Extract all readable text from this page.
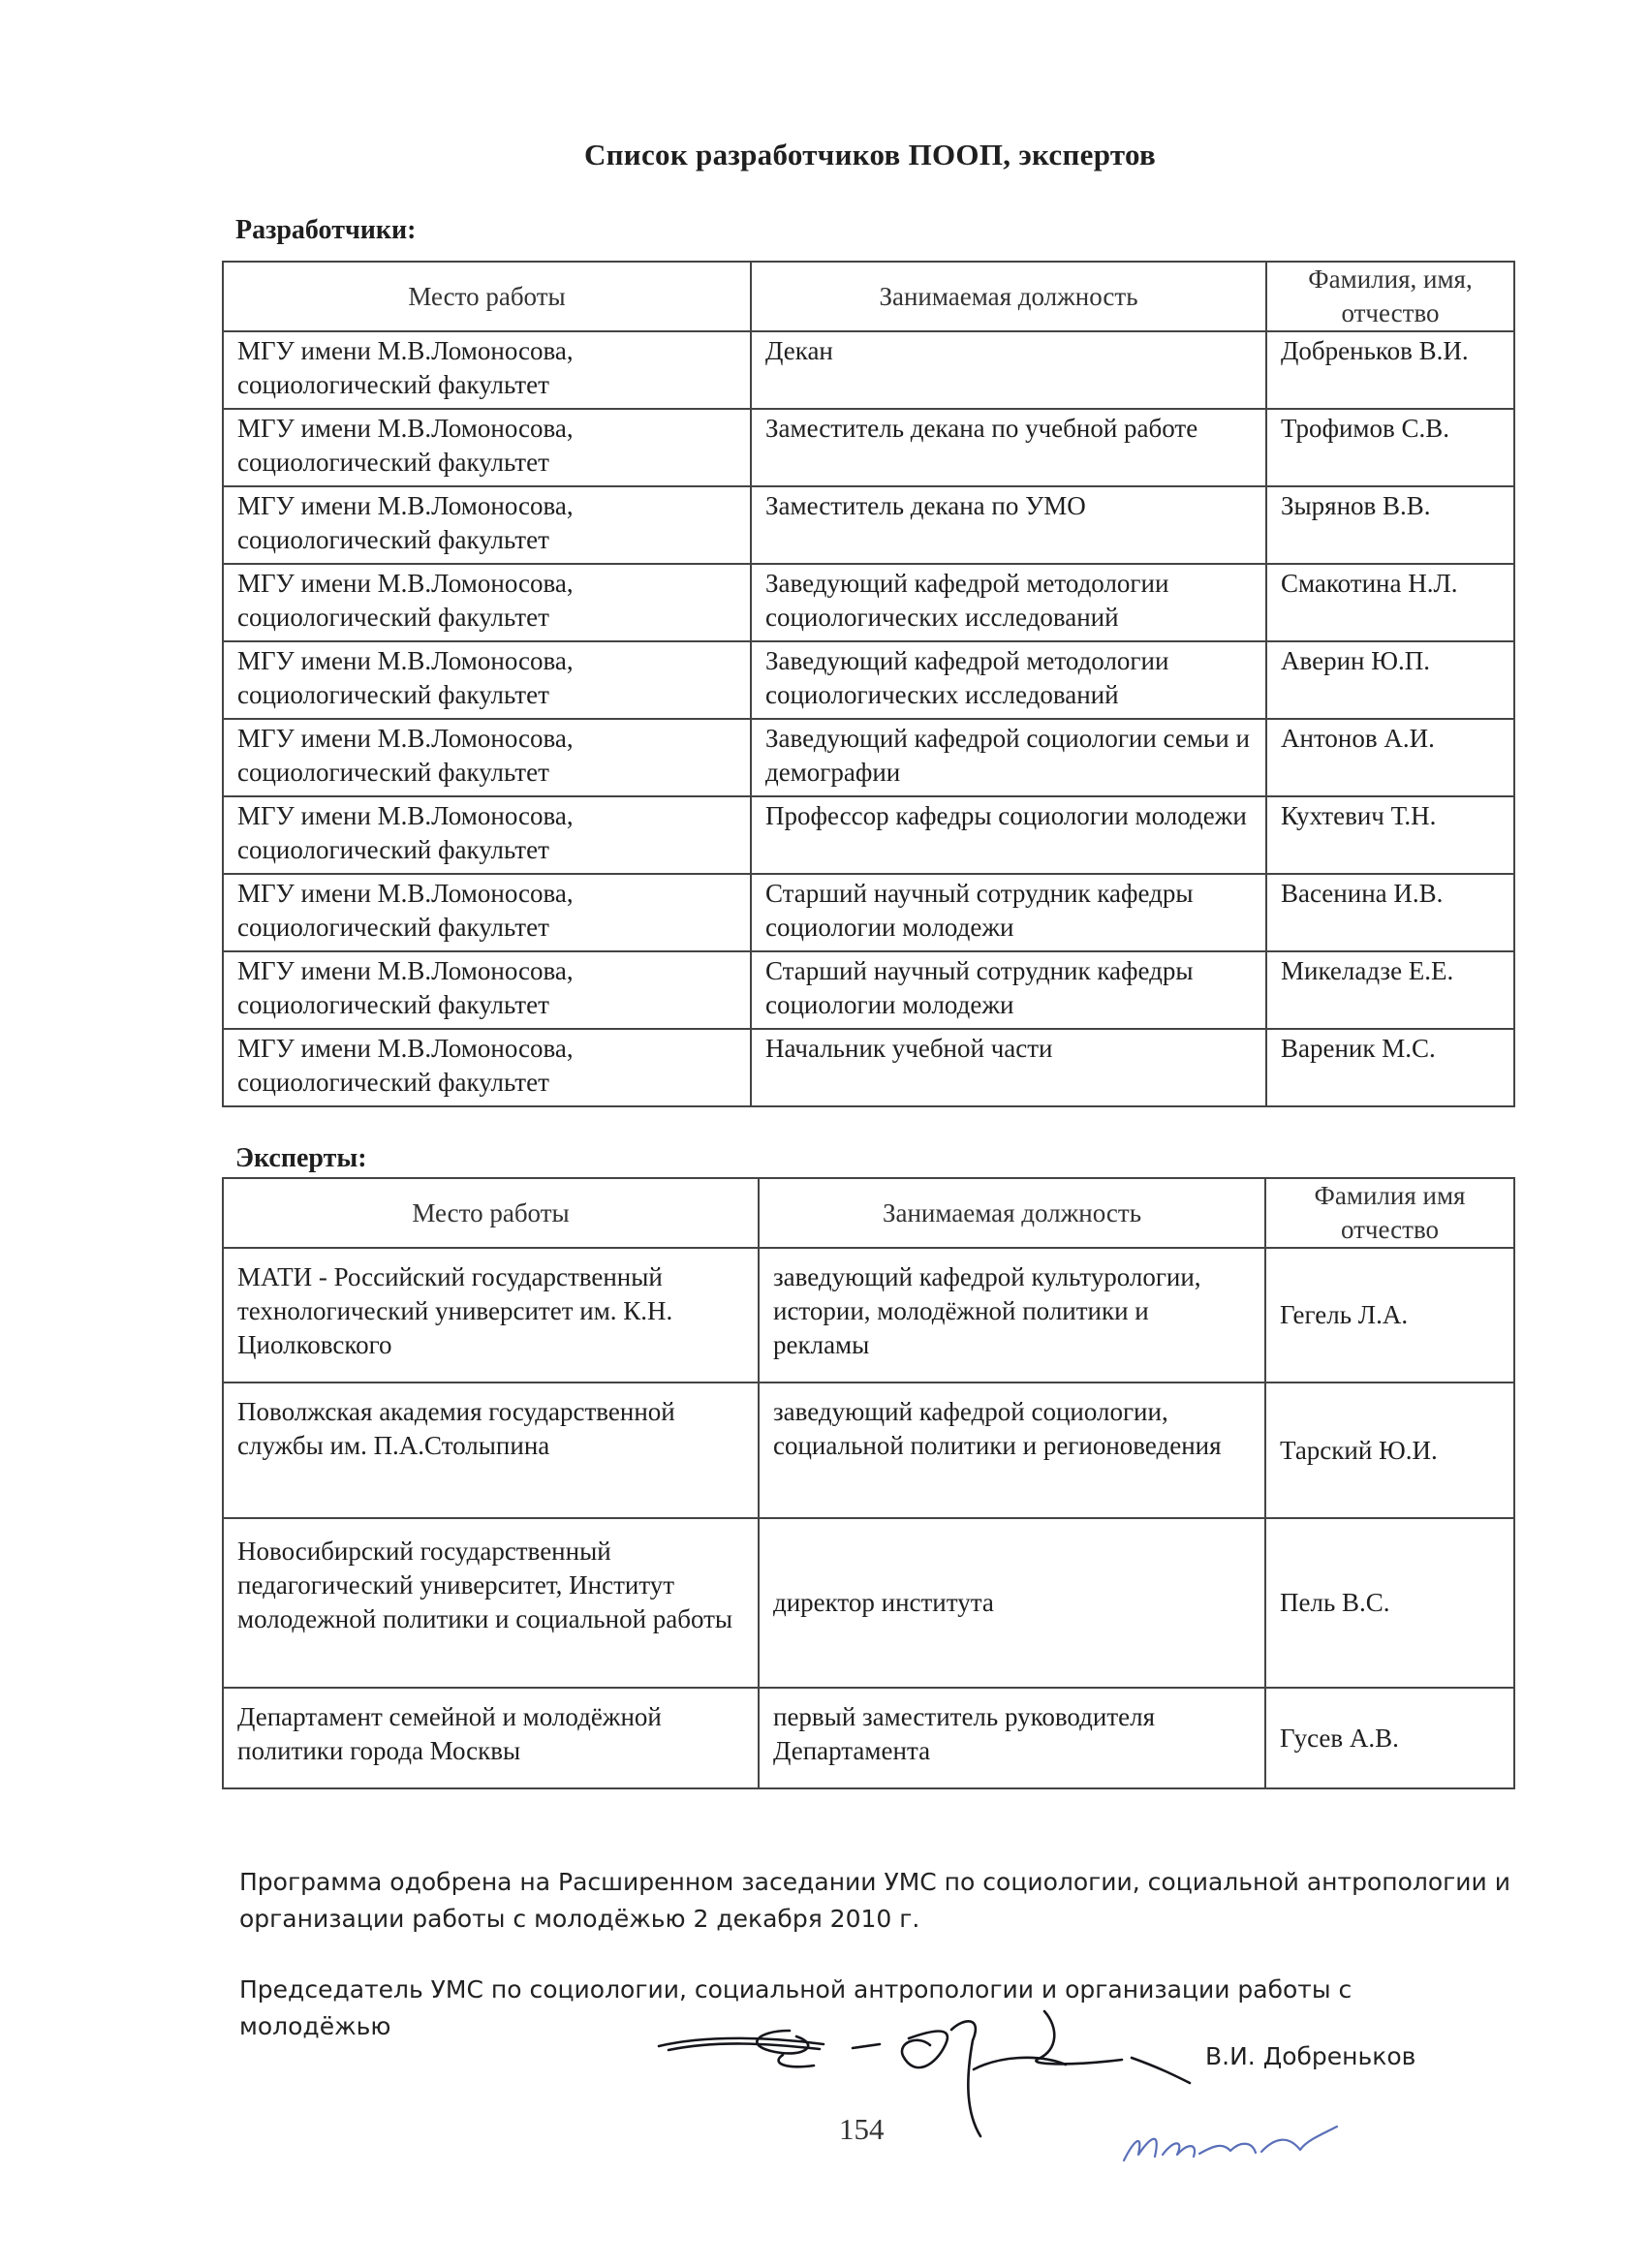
Список разработчиков ПООП, экспертов
Разработчики:
Место работы	Занимаемая должность	Фамилия, имя, отчество
МГУ имени М.В.Ломоносова, социологический факультет	Декан	Добреньков В.И.
МГУ имени М.В.Ломоносова, социологический факультет	Заместитель декана по учебной работе	Трофимов С.В.
МГУ имени М.В.Ломоносова, социологический факультет	Заместитель декана по УМО	Зырянов В.В.
МГУ имени М.В.Ломоносова, социологический факультет	Заведующий кафедрой методологии социологических исследований	Смакотина Н.Л.
МГУ имени М.В.Ломоносова, социологический факультет	Заведующий кафедрой методологии социологических исследований	Аверин Ю.П.
МГУ имени М.В.Ломоносова, социологический факультет	Заведующий кафедрой социологии семьи и демографии	Антонов А.И.
МГУ имени М.В.Ломоносова, социологический факультет	Профессор кафедры социологии молодежи	Кухтевич Т.Н.
МГУ имени М.В.Ломоносова, социологический факультет	Старший научный сотрудник кафедры социологии молодежи	Васенина И.В.
МГУ имени М.В.Ломоносова, социологический факультет	Старший научный сотрудник кафедры социологии молодежи	Микеладзе Е.Е.
МГУ имени М.В.Ломоносова, социологический факультет	Начальник учебной части	Вареник М.С.
Эксперты:
Место работы	Занимаемая должность	Фамилия имя отчество
МАТИ - Российский государственный технологический университет им. К.Н. Циолковского	заведующий кафедрой культурологии, истории, молодёжной политики и рекламы	Гегель Л.А.
Поволжская академия государственной службы им. П.А.Столыпина	заведующий кафедрой социологии, социальной политики и регионоведения	Тарский Ю.И.
Новосибирский государственный педагогический университет, Институт молодежной политики и социальной работы	директор института	Пель В.С.
Департамент семейной и молодёжной политики города Москвы	первый заместитель руководителя Департамента	Гусев А.В.
Программа одобрена на Расширенном заседании УМС по социологии, социальной антропологии и организации работы с молодёжью 2 декабря 2010 г.
Председатель УМС по социологии, социальной антропологии и организации работы с молодёжью
В.И. Добреньков
154
